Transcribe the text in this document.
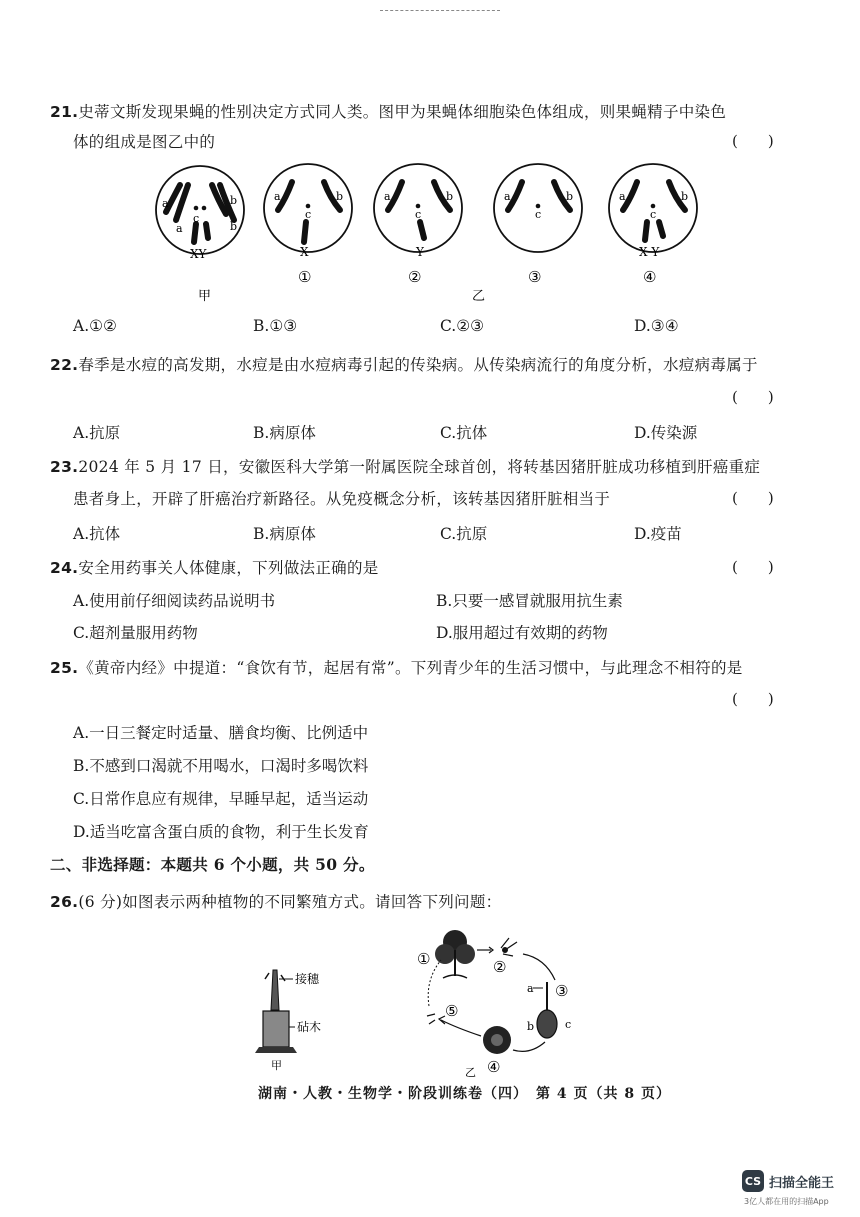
21.史蒂文斯发现果蝇的性别决定方式同人类。图甲为果蝇体细胞染色体组成，则果蝇精子中染色
体的组成是图乙中的	(　　)
a	b
c
a	b
XY
a	b
c
X
①
a	b
c
Y
②
a	b
c
③
a	b
c
X Y
④
甲	乙
A.①②	B.①③	C.②③	D.③④
22.春季是水痘的高发期，水痘是由水痘病毒引起的传染病。从传染病流行的角度分析，水痘病毒属于
(　　)
A.抗原	B.病原体	C.抗体	D.传染源
23.2024 年 5 月 17 日，安徽医科大学第一附属医院全球首创，将转基因猪肝脏成功移植到肝癌重症
患者身上，开辟了肝癌治疗新路径。从免疫概念分析，该转基因猪肝脏相当于	(　　)
A.抗体	B.病原体	C.抗原	D.疫苗
24.安全用药事关人体健康，下列做法正确的是	(　　)
A.使用前仔细阅读药品说明书	B.只要一感冒就服用抗生素
C.超剂量服用药物	D.服用超过有效期的药物
25.《黄帝内经》中提道：“食饮有节，起居有常”。下列青少年的生活习惯中，与此理念不相符的是
(　　)
A.一日三餐定时适量、膳食均衡、比例适中
B.不感到口渴就不用喝水，口渴时多喝饮料
C.日常作息应有规律，早睡早起，适当运动
D.适当吃富含蛋白质的食物，利于生长发育
二、非选择题：本题共 6 个小题，共 50 分。
26.(6 分)如图表示两种植物的不同繁殖方式。请回答下列问题：
接穗
砧木
甲
①	②
③
a
b	c
④
乙
⑤
湖南・人教・生物学・阶段训练卷（四）　第 4 页（共 8 页）
CS 扫描全能王
3亿人都在用的扫描App
